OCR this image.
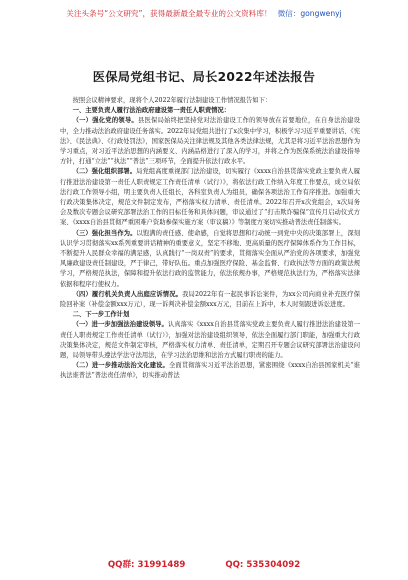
关注头条号“公文研究”，获得最新最全最专业的公文资料库！ 微信：gongwenyj
医保局党组书记、局长2022年述法报告

按照会议精神要求，现将个人2022年履行法制建设工作情况报告如下：

一、主要负责人履行法治政府建设第一责任人职责情况：

（一）强化党的领导。县医保局始终把坚持党对法治建设工作的领导放在首要地位，在自身法治建设中，全力推动法治政府建设任务落实。2022年局党组共进行了x次集中学习，积极学习习近平重要讲话、《宪法》、《民法典》、《行政处罚法》，国家医保局关注律法规及其他各类法律法规，尤其是将习近平法治思想作为学习重点，对习近平法治思想的内涵要义、内涵品格进行了深入的学习，并将之作为医保系统法治建设指导方针，打通“立法”“执法”“普法”三项环节，全面提升依法行政水平。

（二）强化组织部署。局党组高度重视部门法治建设，切实履行《xxxx自治县贯落实党政主要负责人履行推进法治建设第一责任人职责规定工作责任清单（试行）》，将依法行政工作纳入年度工作要点，成立局依法行政工作领导小组，明主要负责人任组长，各科室负责人为组员，确保各项法治工作有序推进。加强重大行政决策集体决定，规范文件制定发布，严格落实权力清单、责任清单。2022年召开x次党组会，x次局务会及数次专题会议研究部署法治工作的目标任务和具体问题，审议通过了“打击欺诈骗保”宣传月启动仪式方案、《xxxx自治县贯彻严重困难户资助参保实施方案（审议稿）》等制度方案切实推动普法责任制落实。

（三）强化担当作为。以饱满的责任感、使命感，自觉将思想和行动统一到党中央的决策部署上，深刻认识学习贯彻落实xx系列重要讲话精神的重要意义，坚定不移地、更高质量的医疗保障体系作为工作目标，不断提升人民群众幸福的满足感，认真践行“一岗双责”的要求，贯彻落实全面从严治党的各项要求，加强党风廉政建设责任制建设，严于律己，带好队伍。重点加强医疗保险、基金监督、行政执法等方面的政策法规学习，严格规范执法，保障和提升依法行政的监管能力，依法依规办事，严格规范执法行为，严格落实法律依据和程序行使权力。

（四）履行机关负责人出庭应诉情况。我局2022年有一起民事诉讼案件，为xx公司向商业补充医疗保险回补案（补偿金额xxx万元），现一诉判决补偿金额xxx万元，目前在上诉中，本人时刻跟进诉讼进度。

二、下一步工作计划

（一）进一步加强法治建设领导。认真落实《xxxx自治县贯落实党政主要负责人履行推进法治建设第一责任人职责规定工作责任清单（试行）》，加强对法治建设组织领导，依法全面履行部门职能，加强重大行政决策集体决定，规范文件制定审核，严格落实权力清单、责任清单，定期召开专题会议研究部署法治建设问题，局领导带头遵法学法守法用法，在学习法治思维和法治方式履行职责的能力。

（二）进一步推动法治文化建设。全面贯彻落实习近平法治思想，紧密围绕《xxxx自治县国家机关“谁执法谁普法”普法责任清单》，切实推动普法

QQ群: 31991489	QQ: 535304092
